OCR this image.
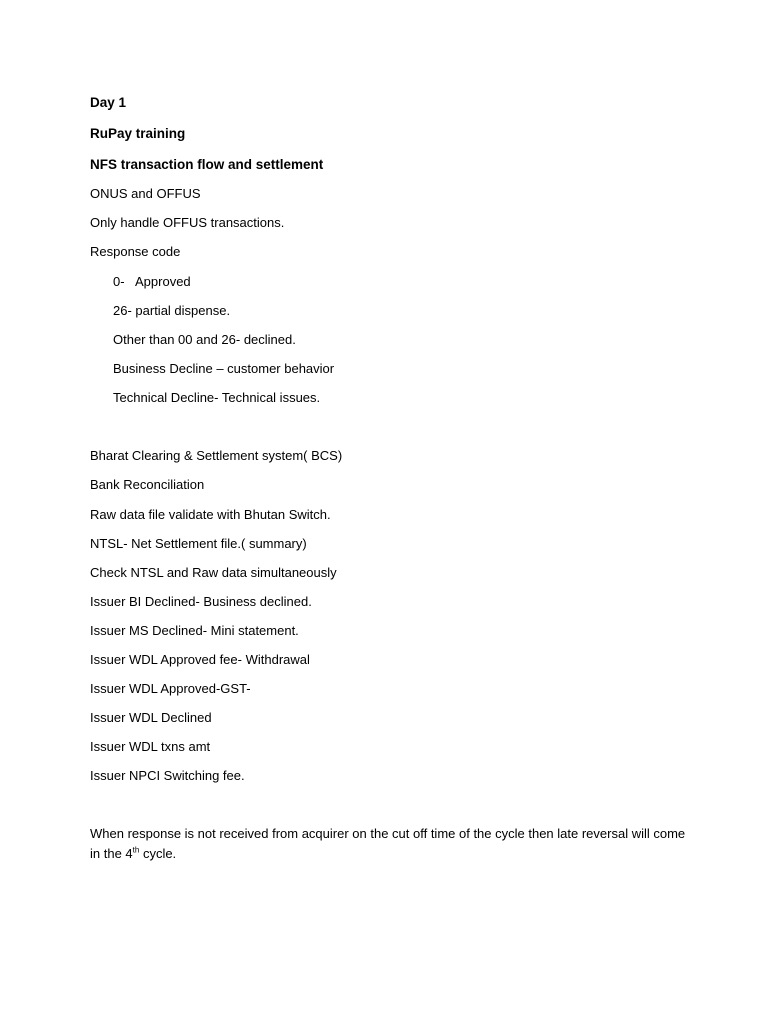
Day 1
RuPay training
NFS transaction flow and settlement
ONUS and OFFUS
Only handle OFFUS transactions.
Response code
0- Approved
26- partial dispense.
Other than 00 and 26- declined.
Business Decline – customer behavior
Technical Decline- Technical issues.
Bharat Clearing & Settlement system( BCS)
Bank Reconciliation
Raw data file validate with Bhutan Switch.
NTSL- Net Settlement file.( summary)
Check NTSL and Raw data simultaneously
Issuer BI Declined- Business declined.
Issuer MS Declined- Mini statement.
Issuer WDL Approved fee- Withdrawal
Issuer WDL Approved-GST-
Issuer WDL Declined
Issuer WDL txns amt
Issuer NPCI Switching fee.
When response is not received from acquirer on the cut off time of the cycle then late reversal will come in the 4th cycle.
